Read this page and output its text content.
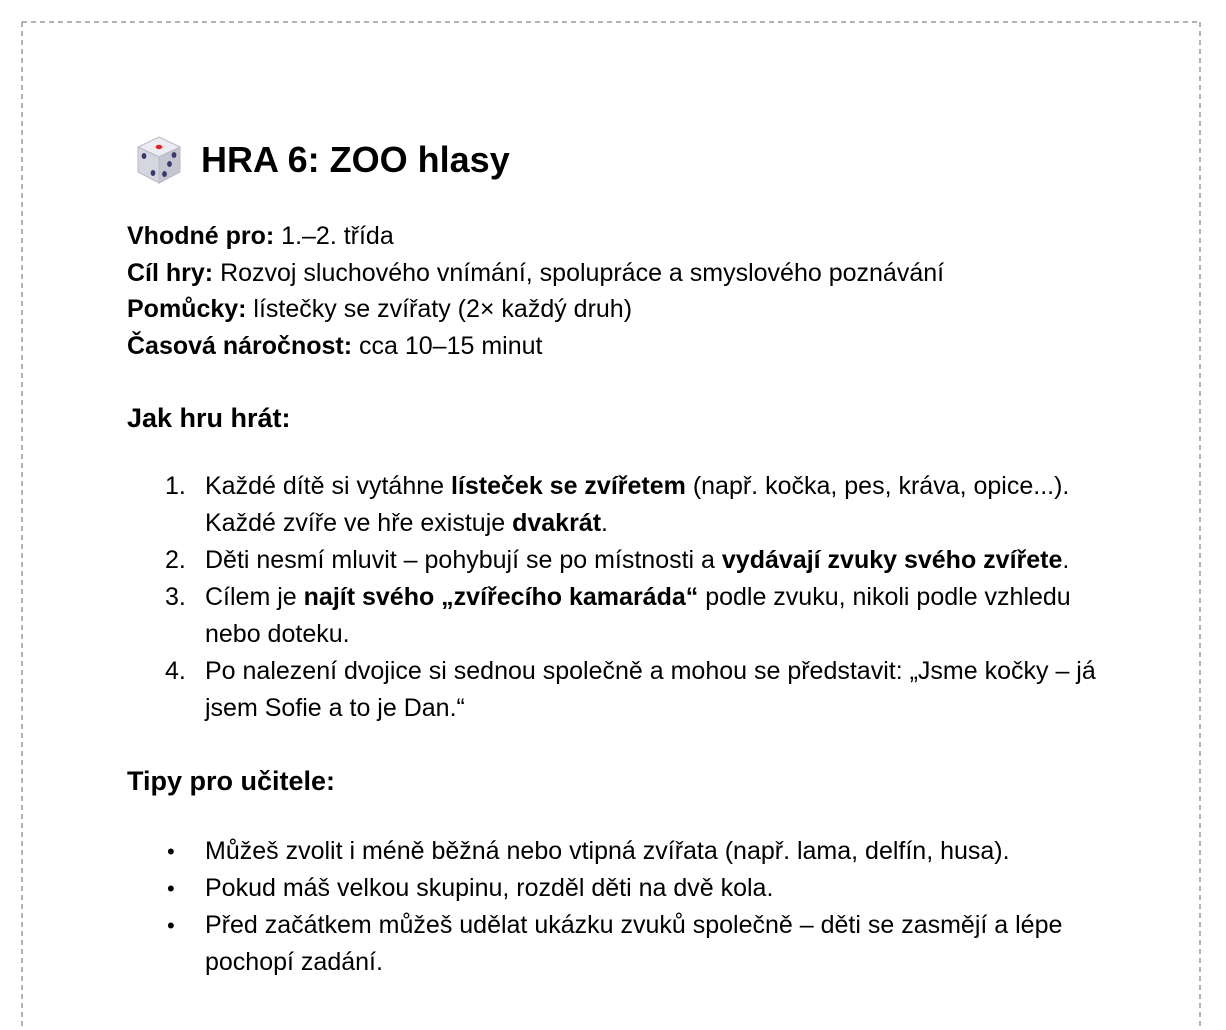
HRA 6: ZOO hlasy
Vhodné pro: 1.–2. třída
Cíl hry: Rozvoj sluchového vnímání, spolupráce a smyslového poznávání
Pomůcky: lístečky se zvířaty (2× každý druh)
Časová náročnost: cca 10–15 minut
Jak hru hrát:
1. Každé dítě si vytáhne lísteček se zvířetem (např. kočka, pes, kráva, opice...). Každé zvíře ve hře existuje dvakrát.
2. Děti nesmí mluvit – pohybují se po místnosti a vydávají zvuky svého zvířete.
3. Cílem je najít svého „zvířecího kamaráda“ podle zvuku, nikoli podle vzhledu nebo doteku.
4. Po nalezení dvojice si sednou společně a mohou se představit: „Jsme kočky – já jsem Sofie a to je Dan.“
Tipy pro učitele:
• Můžeš zvolit i méně běžná nebo vtipná zvířata (např. lama, delfín, husa).
• Pokud máš velkou skupinu, rozděl děti na dvě kola.
• Před začátkem můžeš udělat ukázku zvuků společně – děti se zasmějí a lépe pochopí zadání.
